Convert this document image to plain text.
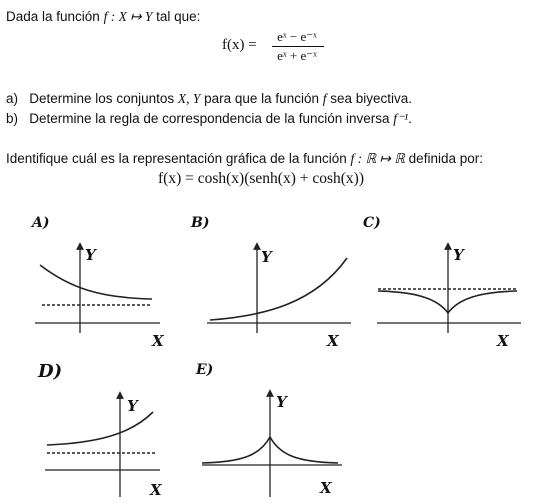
Dada la función f : X ↦ Y tal que:
f(x) =
eˣ − e⁻ˣ
eˣ + e⁻ˣ
a) Determine los conjuntos X, Y para que la función f sea biyectiva.
b) Determine la regla de correspondencia de la función inversa f⁻¹.
Identifique cuál es la representación gráfica de la función f : ℝ ↦ ℝ definida por:
f(x) = cosh(x)(senh(x) + cosh(x))
A)	B)	C)
D)	E)
Y
X
Y
X
Y
X
Y
X
Y
X
